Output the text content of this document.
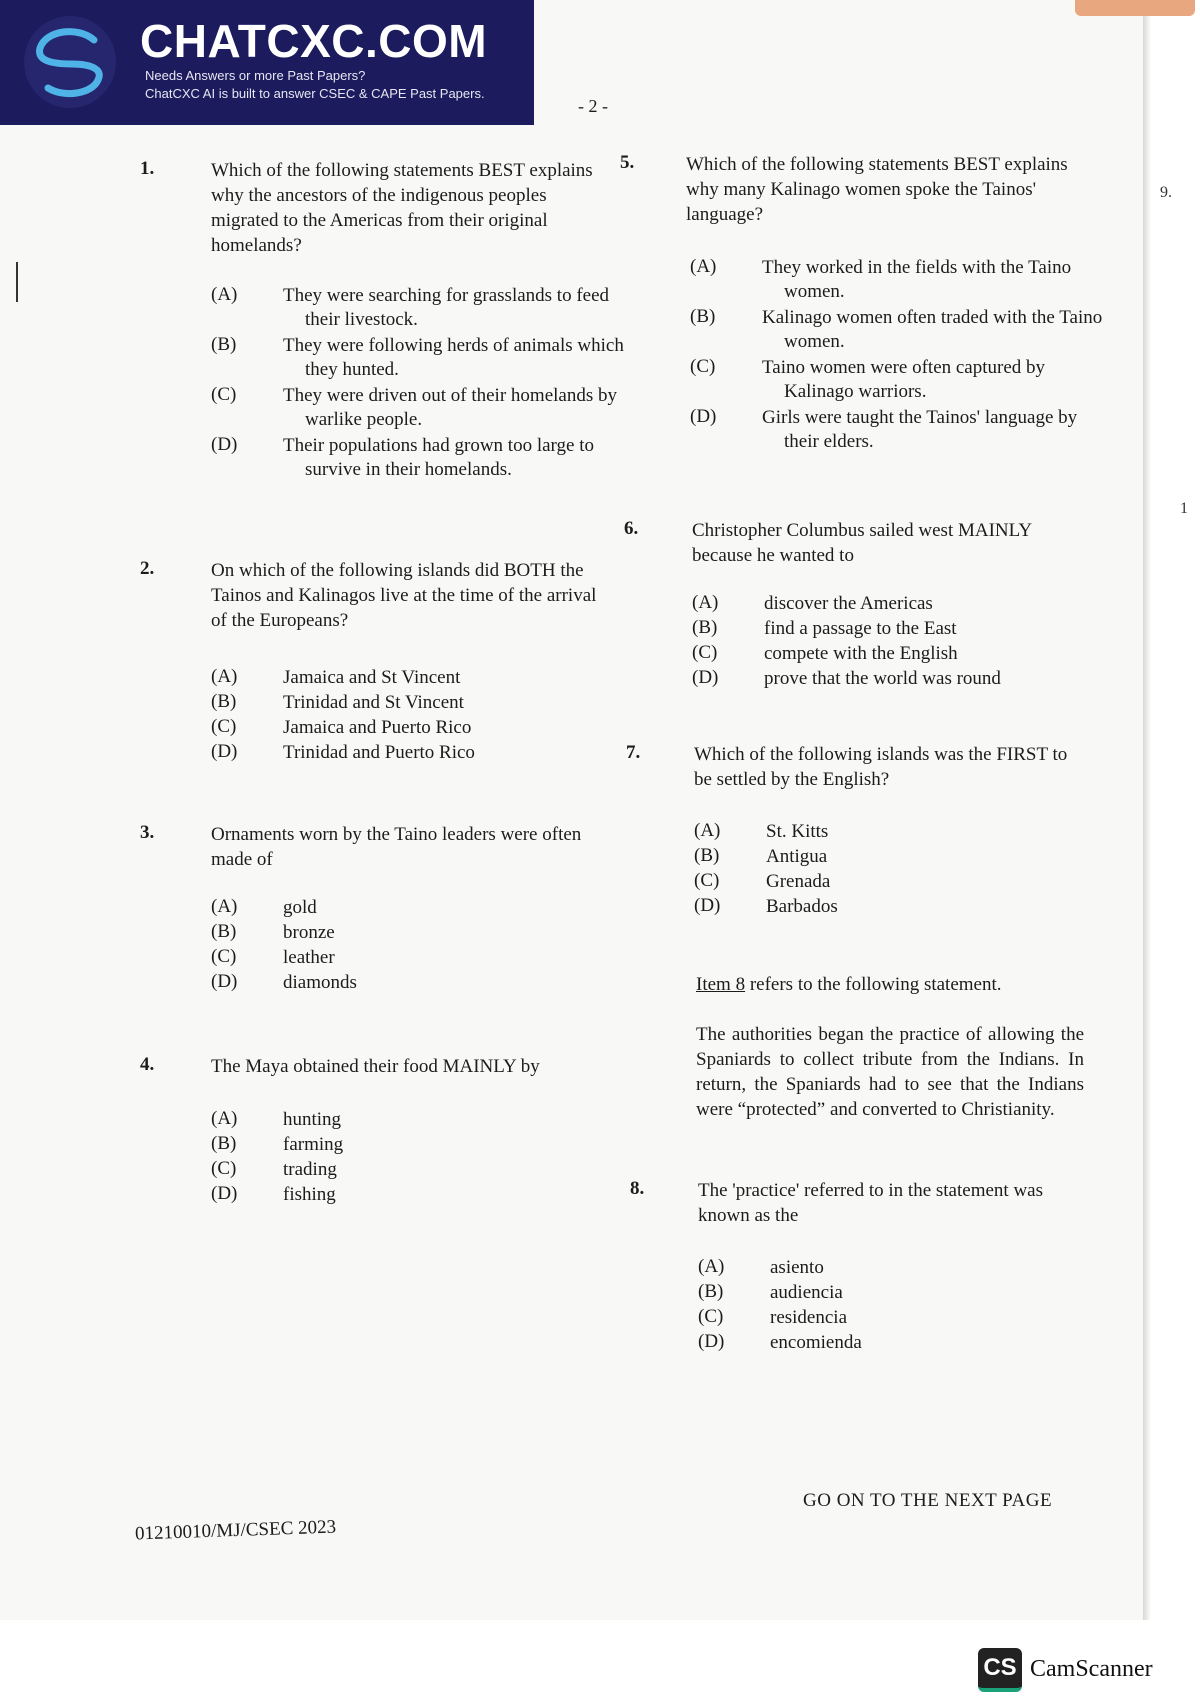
CHATCXC.COM
Needs Answers or more Past Papers?
ChatCXC AI is built to answer CSEC & CAPE Past Papers.
- 2 -
1.	Which of the following statements BEST explains why the ancestors of the indigenous peoples migrated to the Americas from their original homelands?
(A) They were searching for grasslands to feed their livestock.
(B) They were following herds of animals which they hunted.
(C) They were driven out of their homelands by warlike people.
(D) Their populations had grown too large to survive in their homelands.
2.	On which of the following islands did BOTH the Tainos and Kalinagos live at the time of the arrival of the Europeans?
(A) Jamaica and St Vincent
(B) Trinidad and St Vincent
(C) Jamaica and Puerto Rico
(D) Trinidad and Puerto Rico
3.	Ornaments worn by the Taino leaders were often made of
(A) gold
(B) bronze
(C) leather
(D) diamonds
4.	The Maya obtained their food MAINLY by
(A) hunting
(B) farming
(C) trading
(D) fishing
5.	Which of the following statements BEST explains why many Kalinago women spoke the Tainos' language?
(A) They worked in the fields with the Taino women.
(B) Kalinago women often traded with the Taino women.
(C) Taino women were often captured by Kalinago warriors.
(D) Girls were taught the Tainos' language by their elders.
6.	Christopher Columbus sailed west MAINLY because he wanted to
(A) discover the Americas
(B) find a passage to the East
(C) compete with the English
(D) prove that the world was round
7.	Which of the following islands was the FIRST to be settled by the English?
(A) St. Kitts
(B) Antigua
(C) Grenada
(D) Barbados
Item 8 refers to the following statement.
The authorities began the practice of allowing the Spaniards to collect tribute from the Indians. In return, the Spaniards had to see that the Indians were “protected” and converted to Christianity.
8.	The 'practice' referred to in the statement was known as the
(A) asiento
(B) audiencia
(C) residencia
(D) encomienda
GO ON TO THE NEXT PAGE
01210010/MJ/CSEC 2023
9.
1
CS CamScanner
